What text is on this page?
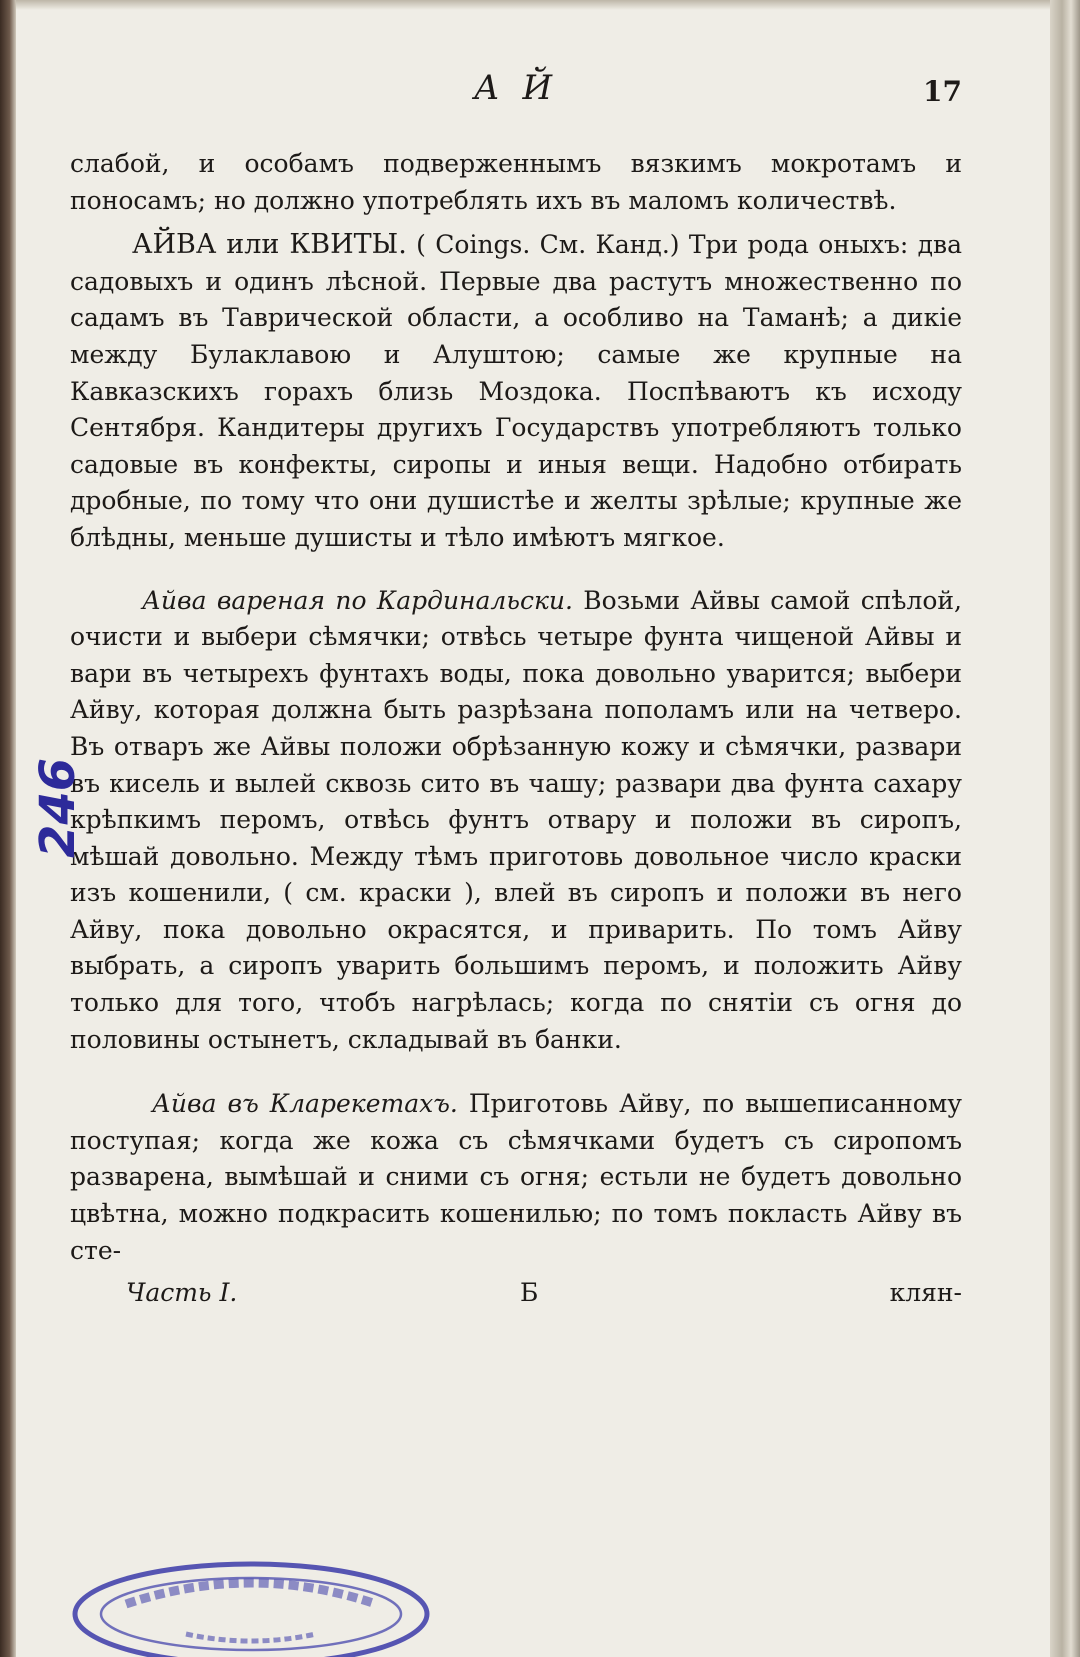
А Й	17

слабой, и особамъ подверженнымъ вязкимъ мокротамъ и поносамъ; но должно употреблять ихъ въ маломъ количествѣ.

АЙВА или КВИТЫ. ( Coings. См. Канд.) Три рода оныхъ: два садовыхъ и одинъ лѣсной. Первые два растутъ множественно по садамъ въ Таврической области, а особливо на Таманѣ; а дикiе между Булаклавою и Алуштою; самые же крупные на Кавказскихъ горахъ близь Моздока. Поспѣваютъ къ исходу Сентября. Кандитеры другихъ Государствъ употребляютъ только садовые въ конфекты, сиропы и иныя вещи. Надобно отбирать дробные, по тому что они душистѣе и желты зрѣлые; крупные же блѣдны, меньше душисты и тѣло имѣютъ мягкое.

Айва вареная по Кардинальски. Возьми Айвы самой спѣлой, очисти и выбери сѣмячки; отвѣсь четыре фунта чищеной Айвы и вари въ четырехъ фунтахъ воды, пока довольно уварится; выбери Айву, которая должна быть разрѣзана пополамъ или на четверо. Въ отваръ же Айвы положи обрѣзанную кожу и сѣмячки, развари въ кисель и вылей сквозь сито въ чашу; развари два фунта сахару крѣпкимъ перомъ, отвѣсь фунтъ отвару и положи въ сиропъ, мѣшай довольно. Между тѣмъ приготовь довольное число краски изъ кошенили, ( см. краски ), влей въ сиропъ и положи въ него Айву, пока довольно окрасятся, и приварить. По томъ Айву выбрать, а сиропъ уварить большимъ перомъ, и положить Айву только для того, чтобъ нагрѣлась; когда по снятiи съ огня до половины остынетъ, складывай въ банки.

Айва въ Кларекетахъ. Приготовь Айву, по вышеписанному поступая; когда же кожа съ сѣмячками будетъ съ сиропомъ разварена, вымѣшай и сними съ огня; естьли не будетъ довольно цвѣтна, можно подкрасить кошенилью; по томъ покласть Айву въ сте-

Часть I.	Б	клян-
246
